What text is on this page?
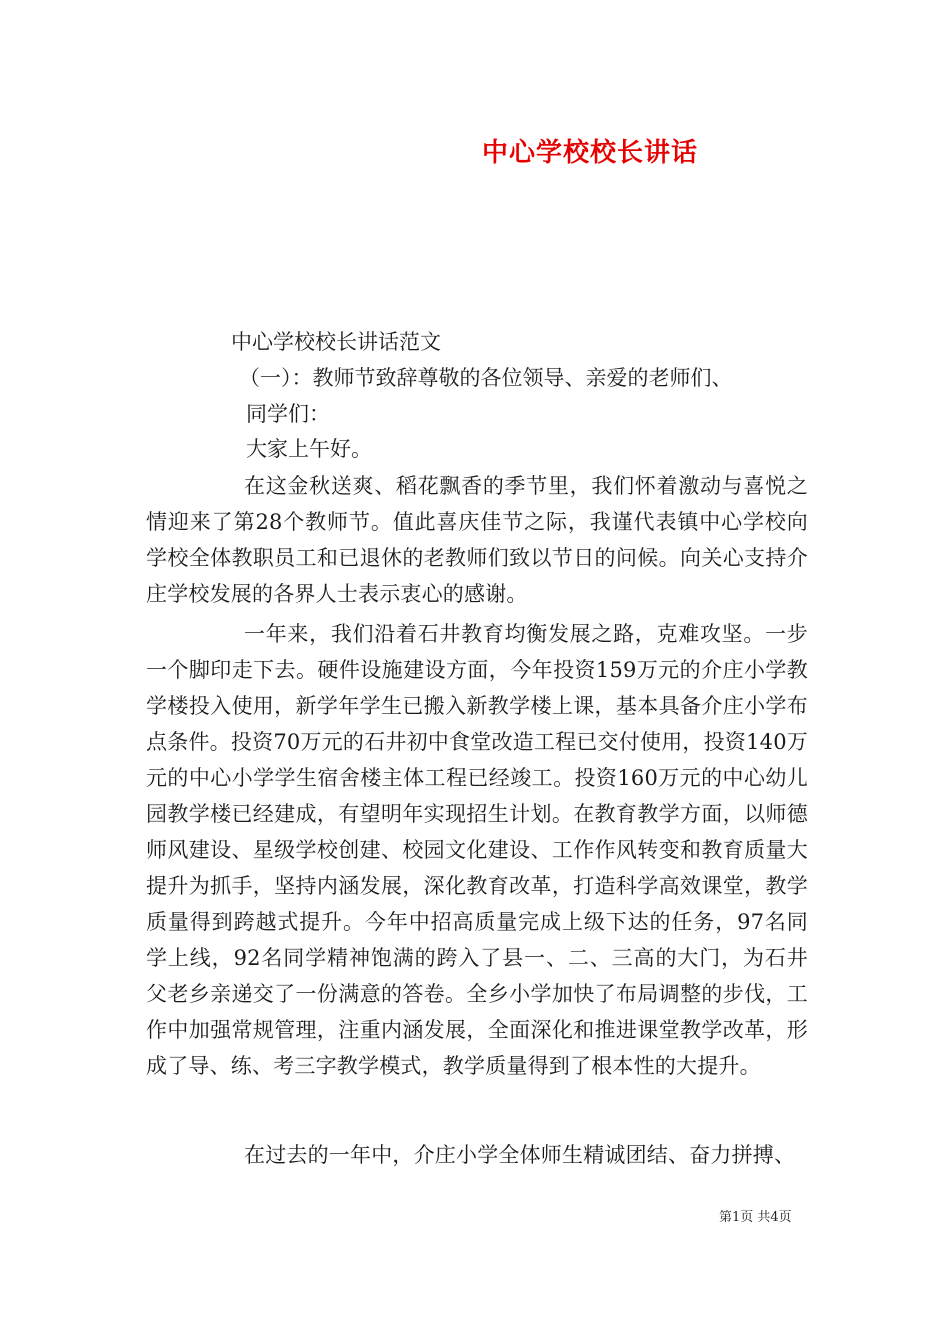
中心学校校长讲话
中心学校校长讲话范文
（一）：教师节致辞尊敬的各位领导、亲爱的老师们、
同学们：
大家上午好。
在这金秋送爽、稻花飘香的季节里，我们怀着激动与喜悦之情迎来了第28个教师节。值此喜庆佳节之际，我谨代表镇中心学校向学校全体教职员工和已退休的老教师们致以节日的问候。向关心支持介庄学校发展的各界人士表示衷心的感谢。
一年来，我们沿着石井教育均衡发展之路，克难攻坚。一步一个脚印走下去。硬件设施建设方面，今年投资159万元的介庄小学教学楼投入使用，新学年学生已搬入新教学楼上课，基本具备介庄小学布点条件。投资70万元的石井初中食堂改造工程已交付使用，投资140万元的中心小学学生宿舍楼主体工程已经竣工。投资160万元的中心幼儿园教学楼已经建成，有望明年实现招生计划。在教育教学方面，以师德师风建设、星级学校创建、校园文化建设、工作作风转变和教育质量大提升为抓手，坚持内涵发展，深化教育改革，打造科学高效课堂，教学质量得到跨越式提升。今年中招高质量完成上级下达的任务，97名同学上线，92名同学精神饱满的跨入了县一、二、三高的大门，为石井父老乡亲递交了一份满意的答卷。全乡小学加快了布局调整的步伐，工作中加强常规管理，注重内涵发展，全面深化和推进课堂教学改革，形成了导、练、考三字教学模式，教学质量得到了根本性的大提升。
在过去的一年中，介庄小学全体师生精诚团结、奋力拼搏、
第1页 共4页
